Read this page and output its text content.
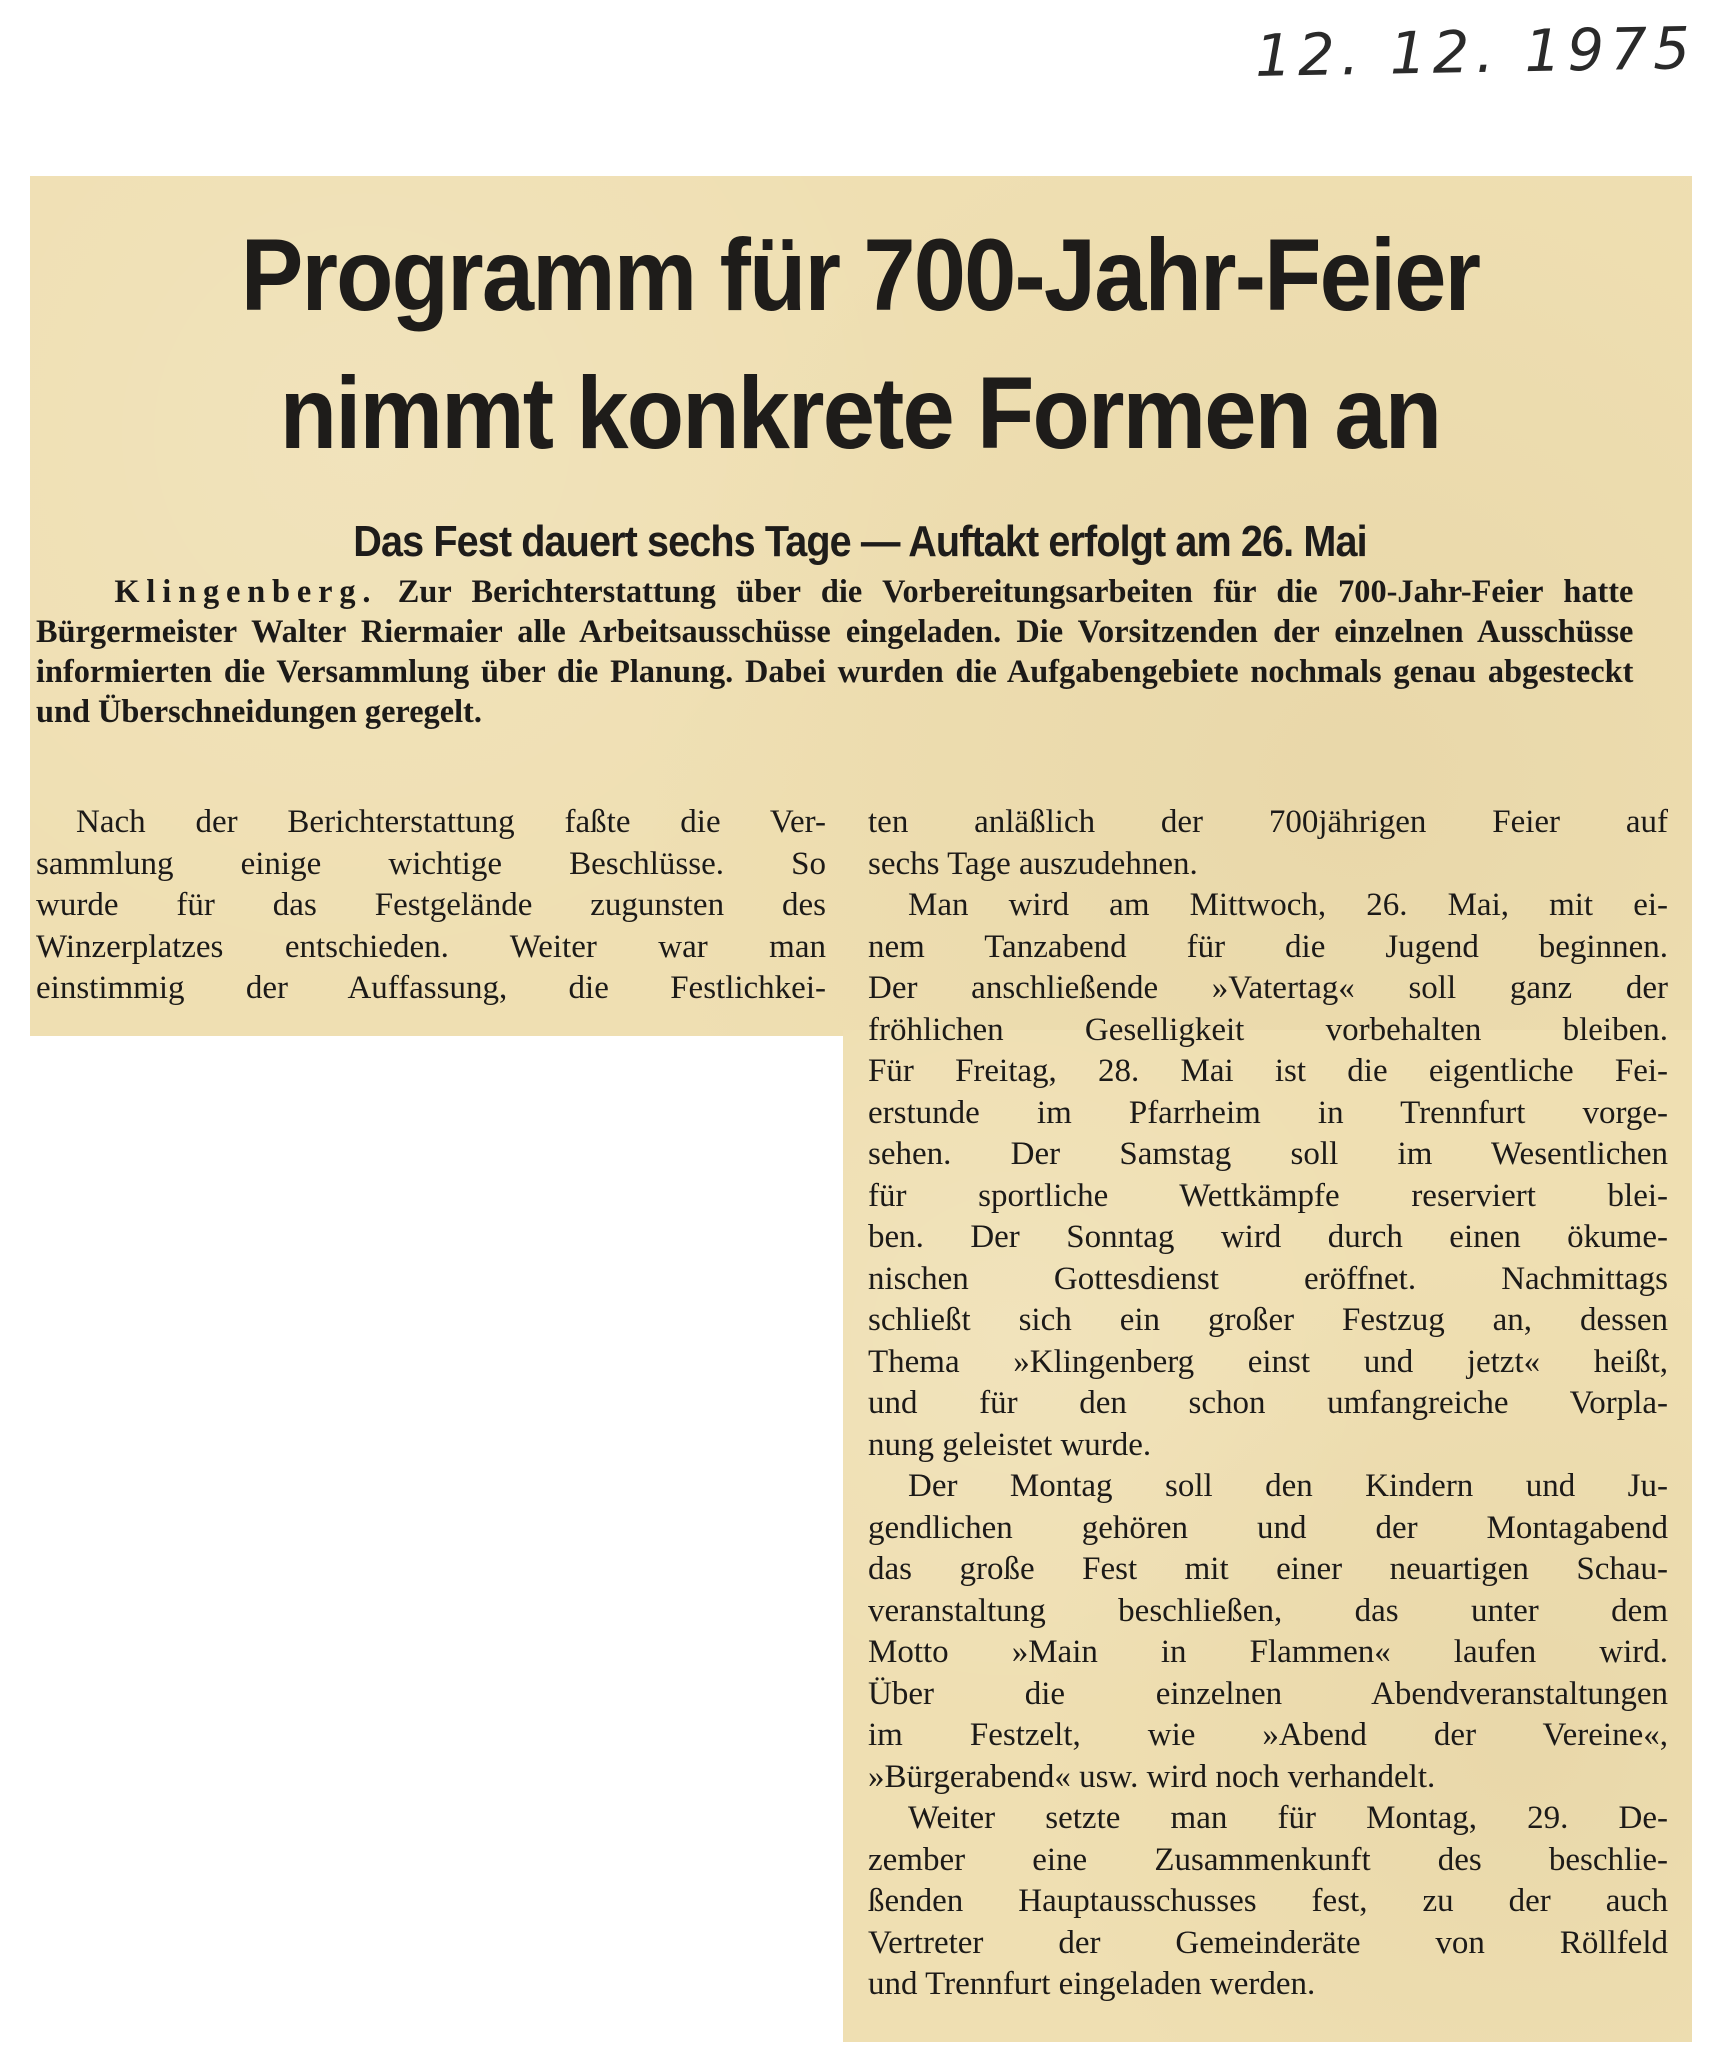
12. 12. 1975
Programm für 700-Jahr-Feier
nimmt konkrete Formen an
Das Fest dauert sechs Tage — Auftakt erfolgt am 26. Mai
Klingenberg. Zur Berichterstattung über die Vorbereitungsarbeiten für die 700-Jahr-Feier hatte Bürgermeister Walter Riermaier alle Arbeitsausschüsse eingeladen. Die Vorsitzenden der einzelnen Ausschüsse informierten die Versammlung über die Planung. Dabei wurden die Aufgabengebiete nochmals genau abgesteckt und Überschneidungen geregelt.
Nach der Berichterstattung faßte die Ver-
sammlung einige wichtige Beschlüsse. So
wurde für das Festgelände zugunsten des
Winzerplatzes entschieden. Weiter war man
einstimmig der Auffassung, die Festlichkei-
ten anläßlich der 700jährigen Feier auf
sechs Tage auszudehnen.
Man wird am Mittwoch, 26. Mai, mit ei-
nem Tanzabend für die Jugend beginnen.
Der anschließende »Vatertag« soll ganz der
fröhlichen Geselligkeit vorbehalten bleiben.
Für Freitag, 28. Mai ist die eigentliche Fei-
erstunde im Pfarrheim in Trennfurt vorge-
sehen. Der Samstag soll im Wesentlichen
für sportliche Wettkämpfe reserviert blei-
ben. Der Sonntag wird durch einen ökume-
nischen Gottesdienst eröffnet. Nachmittags
schließt sich ein großer Festzug an, dessen
Thema »Klingenberg einst und jetzt« heißt,
und für den schon umfangreiche Vorpla-
nung geleistet wurde.
Der Montag soll den Kindern und Ju-
gendlichen gehören und der Montagabend
das große Fest mit einer neuartigen Schau-
veranstaltung beschließen, das unter dem
Motto »Main in Flammen« laufen wird.
Über die einzelnen Abendveranstaltungen
im Festzelt, wie »Abend der Vereine«,
»Bürgerabend« usw. wird noch verhandelt.
Weiter setzte man für Montag, 29. De-
zember eine Zusammenkunft des beschlie-
ßenden Hauptausschusses fest, zu der auch
Vertreter der Gemeinderäte von Röllfeld
und Trennfurt eingeladen werden.
